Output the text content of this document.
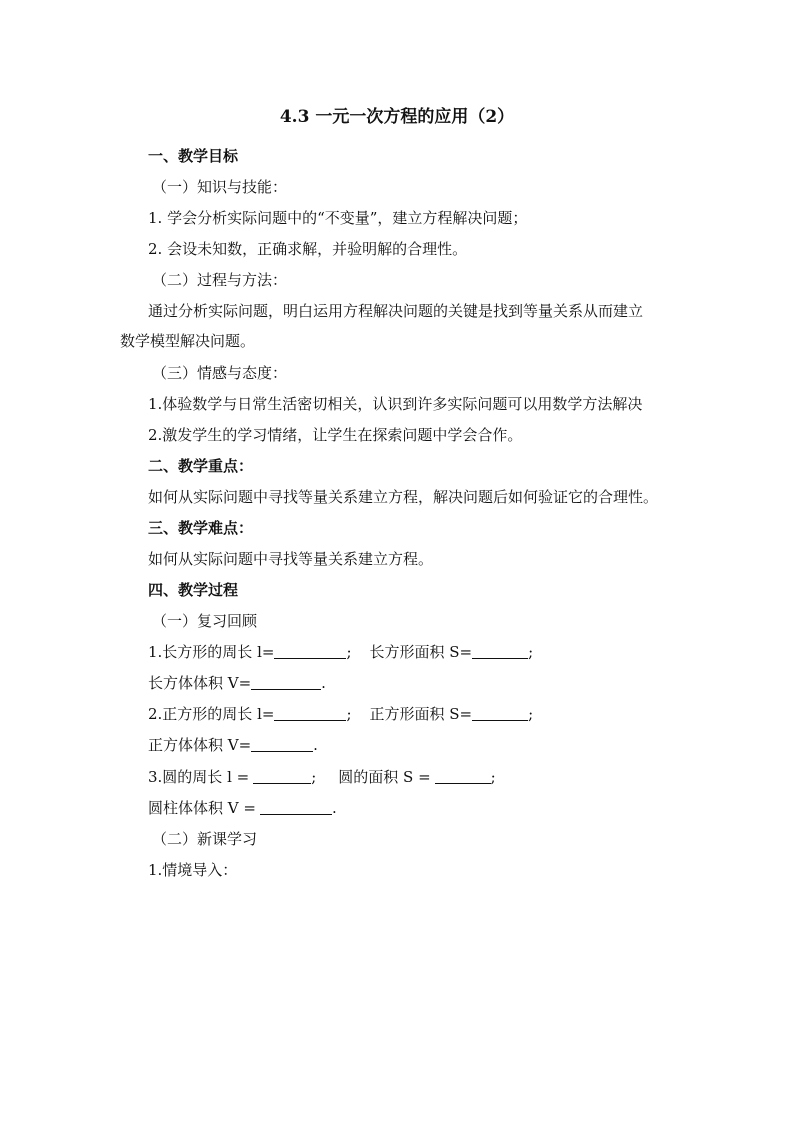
4.3 一元一次方程的应用（2）
一、教学目标
（一）知识与技能：
1. 学会分析实际问题中的“不变量”，建立方程解决问题；
2. 会设未知数，正确求解，并验明解的合理性。
（二）过程与方法：
通过分析实际问题，明白运用方程解决问题的关键是找到等量关系从而建立
数学模型解决问题。
（三）情感与态度：
1.体验数学与日常生活密切相关，认识到许多实际问题可以用数学方法解决
2.激发学生的学习情绪，让学生在探索问题中学会合作。
二、教学重点：
如何从实际问题中寻找等量关系建立方程，解决问题后如何验证它的合理性。
三、教学难点：
如何从实际问题中寻找等量关系建立方程。
四、教学过程
（一）复习回顾
1.长方形的周长 l=	; 长方形面积 S=	;
长方体体积 V=	.
2.正方形的周长 l=	; 正方形面积 S=	;
正方体体积 V=	.
3.圆的周长 l =	; 圆的面积 S =	;
圆柱体体积 V =	.
（二）新课学习
1.情境导入：
